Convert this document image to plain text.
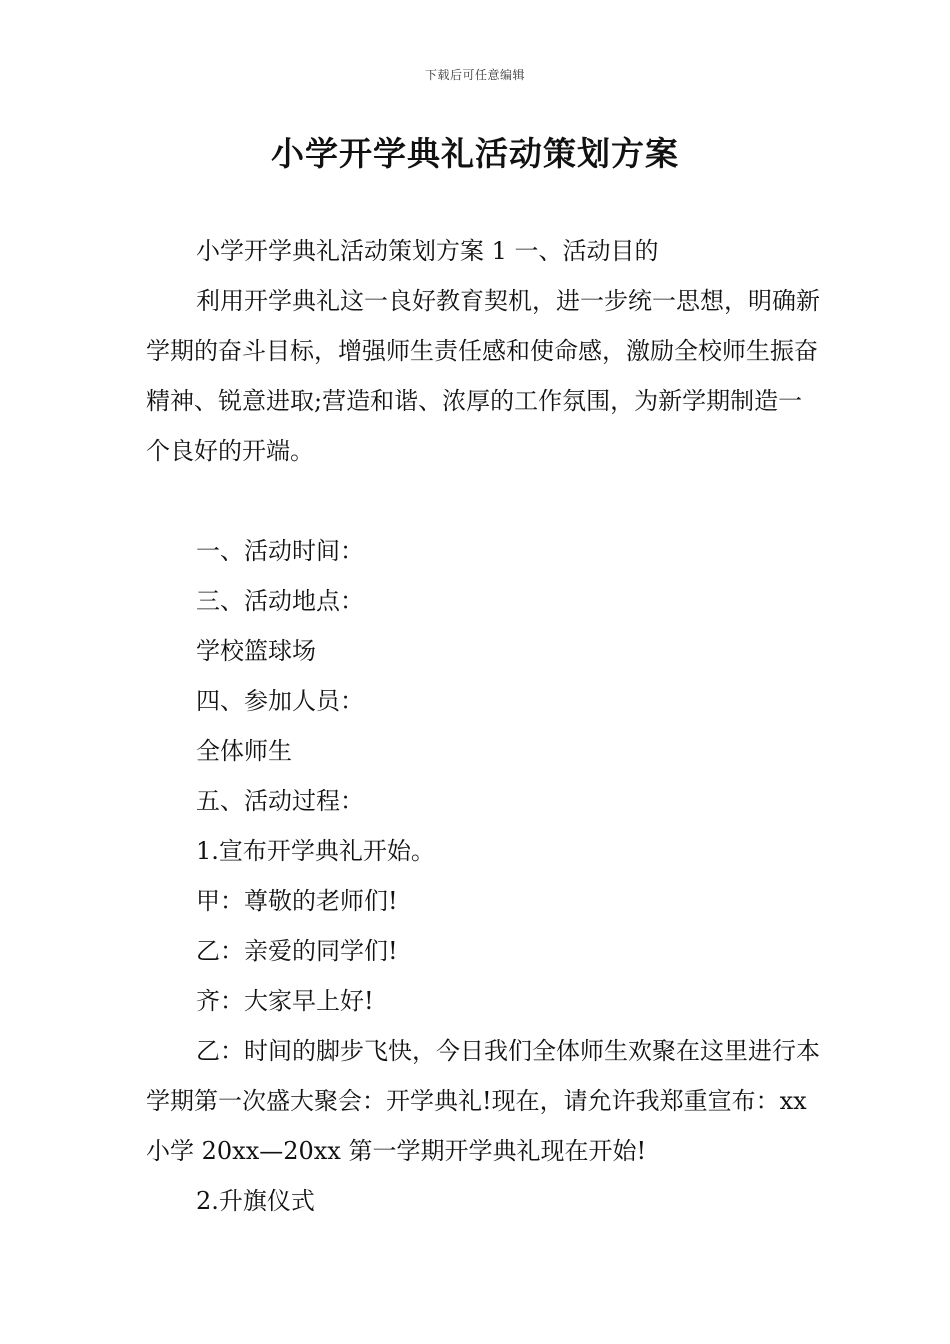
下载后可任意编辑
小学开学典礼活动策划方案

小学开学典礼活动策划方案 1 一、活动目的

利用开学典礼这一良好教育契机，进一步统一思想，明确新学期的奋斗目标，增强师生责任感和使命感，激励全校师生振奋精神、锐意进取;营造和谐、浓厚的工作氛围，为新学期制造一个良好的开端。

一、活动时间：

三、活动地点：

学校篮球场

四、参加人员：

全体师生

五、活动过程：

1.宣布开学典礼开始。

甲：尊敬的老师们!

乙：亲爱的同学们!

齐：大家早上好!

乙：时间的脚步飞快，今日我们全体师生欢聚在这里进行本学期第一次盛大聚会：开学典礼!现在，请允许我郑重宣布：xx 小学 20xx—20xx 第一学期开学典礼现在开始!

2.升旗仪式
